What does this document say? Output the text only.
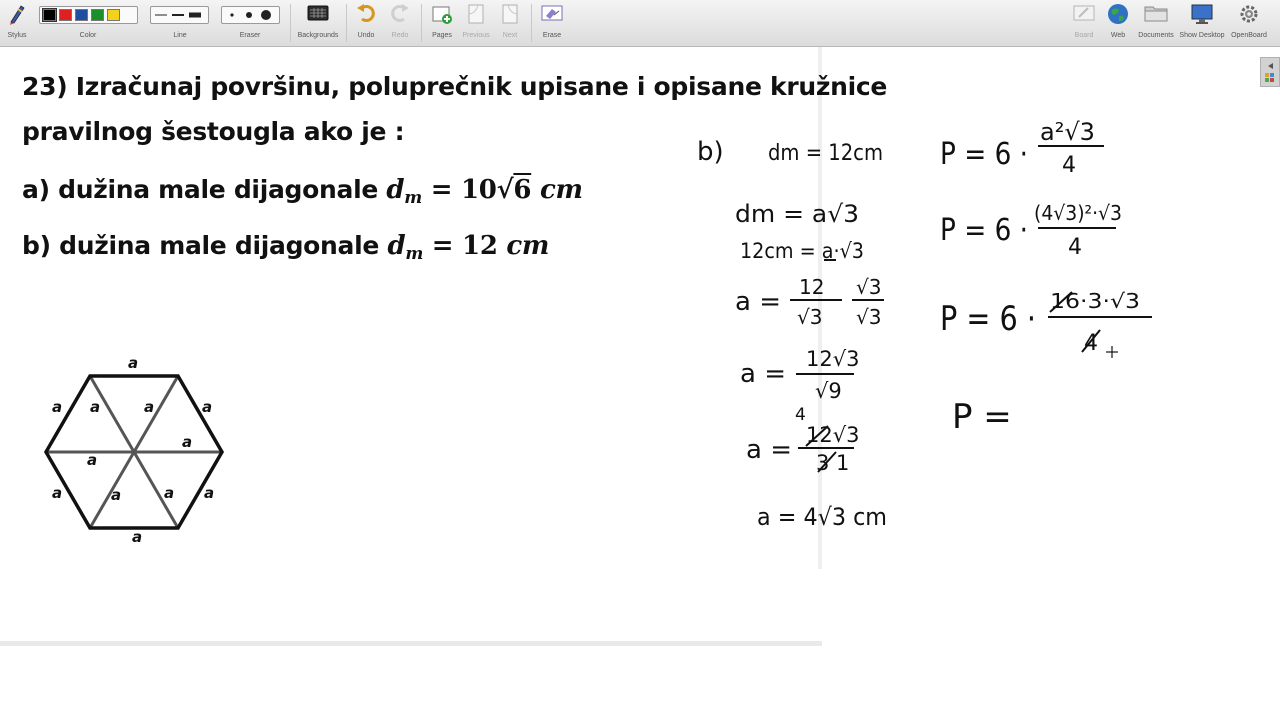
Stylus	Color	Line	Eraser	Backgrounds	Undo Redo	Pages Previous Next	Erase	Board	Web Documents Show Desktop OpenBoard
23) Izračunaj površinu, poluprečnik upisane i opisane kružnice
pravilnog šestougla ako je :
a) dužina male dijagonale $d_m = 10√6$ cm
b) dužina male dijagonale $d_m = 12$ cm
a
a a	a	a
a
a
a	a	a a
a
b) dm = 12cm
dm = a√3
12cm = a·√3
a = 12
√3
√3
√3
a = 12√3
√9
4
a = 12√3
3 1
a = 4√3 cm
P = 6 ·
a²√3
4
P = 6 · (4√3)²·√3
4
P = 6 · 16·3·√3
4
P =
